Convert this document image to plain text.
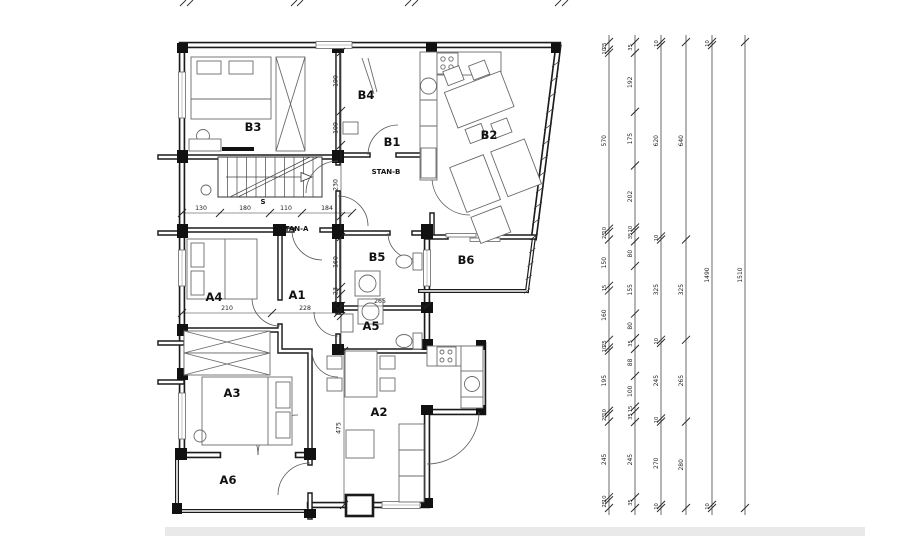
B3
B4
B1	B2
B5	B6
A4	A1
A5
A3
A2
A6
STAN-B
STAN-A
S
130	180	110	184
210	228
265
190
109
230
160
23
70
475
25
10
570
10
25
150
15
160
25
10
195
10
25
245
10
25
35
192
175
202
10
35
80
155
80
35
88
100
15
35
245
35
10
620
10
325
10
245
10
270
10
640
325
265
280
10
1490
10
1510
